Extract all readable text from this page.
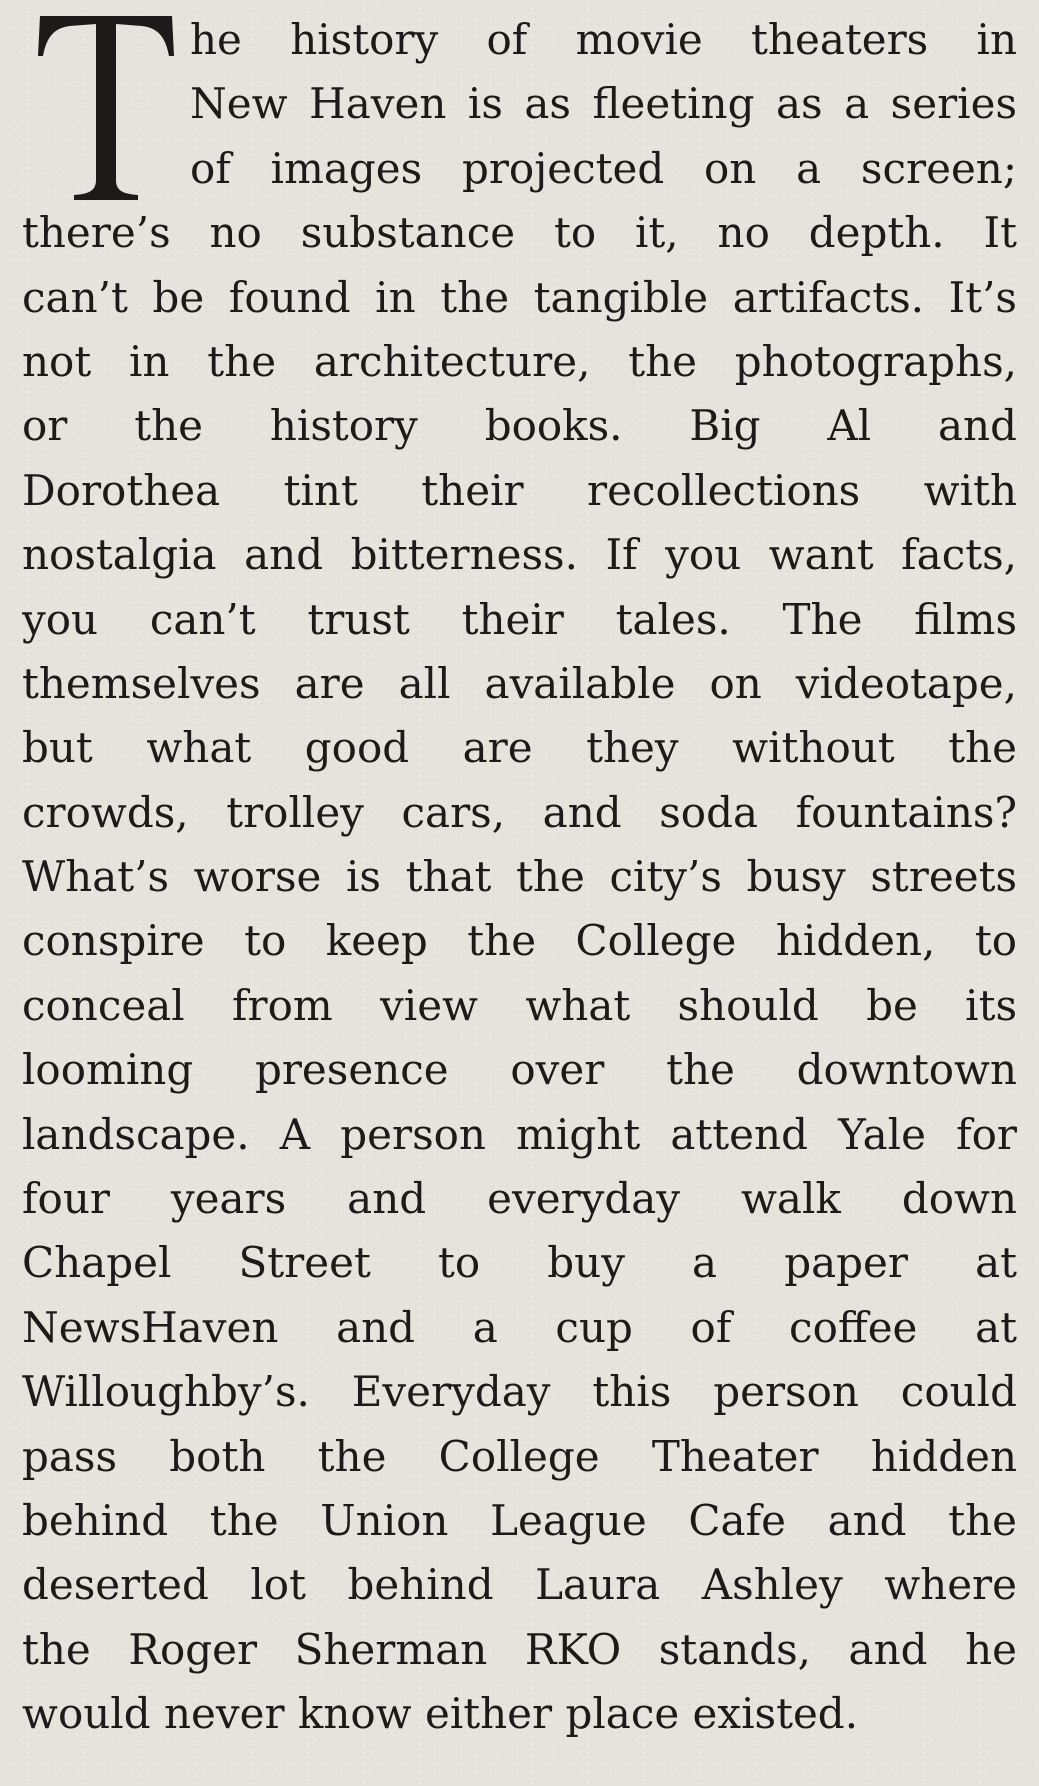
he history of movie theaters in
New Haven is as fleeting as a series
of images projected on a screen;
there’s no substance to it, no depth. It
can’t be found in the tangible artifacts. It’s
not in the architecture, the photographs,
or the history books. Big Al and
Dorothea tint their recollections with
nostalgia and bitterness. If you want facts,
you can’t trust their tales. The films
themselves are all available on videotape,
but what good are they without the
crowds, trolley cars, and soda fountains?
What’s worse is that the city’s busy streets
conspire to keep the College hidden, to
conceal from view what should be its
looming presence over the downtown
landscape. A person might attend Yale for
four years and everyday walk down
Chapel Street to buy a paper at
NewsHaven and a cup of coffee at
Willoughby’s. Everyday this person could
pass both the College Theater hidden
behind the Union League Cafe and the
deserted lot behind Laura Ashley where
the Roger Sherman RKO stands, and he
would never know either place existed.
